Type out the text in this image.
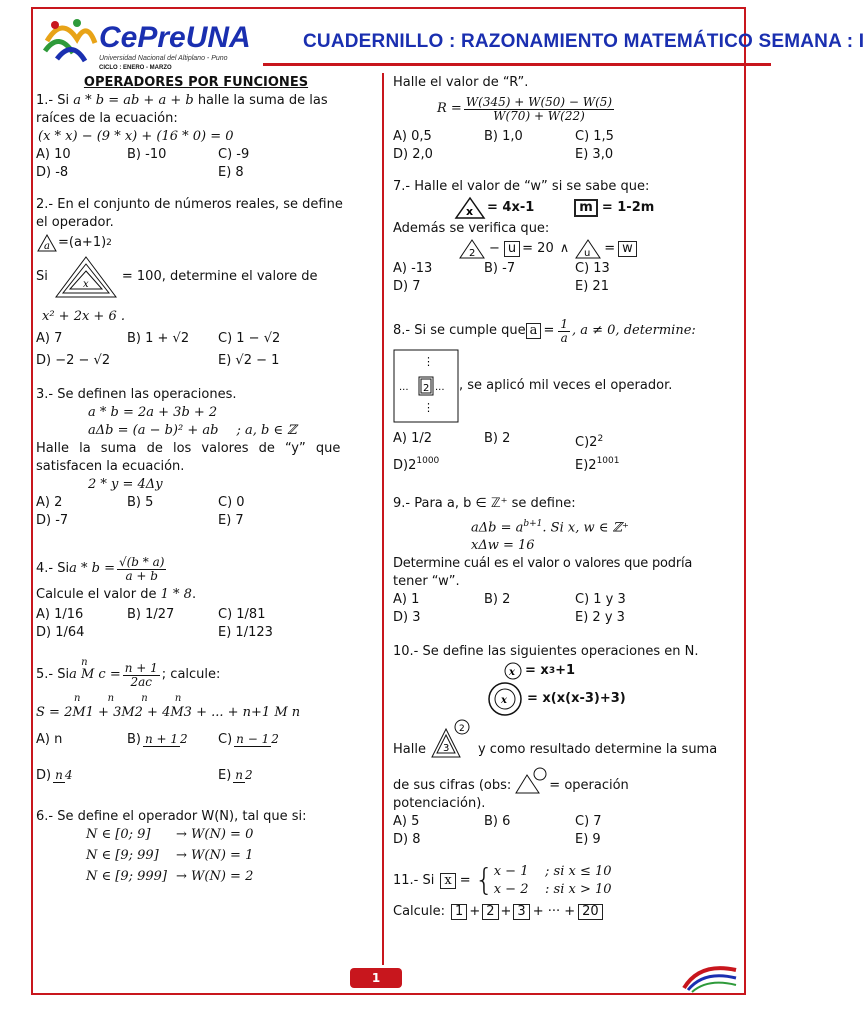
CePreUNA
Universidad Nacional del Altiplano - Puno
CICLO : ENERO - MARZO
CUADERNILLO : RAZONAMIENTO MATEMÁTICO SEMANA : I
OPERADORES POR FUNCIONES
1.- Si a * b = ab + a + b halle la suma de las
raíces de la ecuación:
(x * x) − (9 * x) + (16 * 0) = 0
A) 10	B) -10	C) -9
D) -8	E) 8
2.- En el conjunto de números reales, se define
el operador.
a =(a+1) 2
Si
x
= 100, determine el valore de
x² + 2x + 6 .
A) 7	B) 1 + √2	C) 1 − √2
D) −2 − √2	E) √2 − 1
3.- Se definen las operaciones.
a * b = 2a + 3b + 2
aΔb = (a − b)² + ab ; a, b ∈ ℤ
Halle la suma de los valores de “y” que
satisfacen la ecuación.
2 * y = 4Δy
A) 2	B) 5	C) 0
D) -7	E) 7
4.- Si $a * b = \frac{√(b * a)}{a + b}$
Calcule el valor de 1 * 8.
A) 1/16	B) 1/27	C) 1/81
D) 1/64	E) 1/123
5.- Si
n
a M $c = \frac{n + 1}{2ac}$ ; calcule:
n n n n
S = 2M1 + 3M2 + 4M3 + ... + n+1 M n
A) n	B) n + 1 2 C) n − 1 2
D) n 4	E) n 2
6.- Se define el operador W(N), tal que si:
N ∈ [0; 9]	→ W(N) = 0
N ∈ [9; 99]	→ W(N) = 1
N ∈ [9; 999] → W(N) = 2
Halle el valor de “R”.
$R = \frac{W(345) + W(50) - W(5)}{W(70) + W(22)}$
A) 0,5	B) 1,0	C) 1,5
D) 2,0	E) 3,0
7.- Halle el valor de “w” si se sabe que:
x = 4x-1	m = 1-2m
Además se verifica que:
2 − u = 20 ∧ u = w
A) -13	B) -7	C) 13
D) 7	E) 21
8.- Si se cumple que $a = \frac{1}{a}$ , a ≠ 0, determine:
2
⋮
⋮
...	... , se aplicó mil veces el operador.
A) 1/2	B) 2	$C)2^2$
$D)2^{1000}$	$E)2^{1001}$
9.- Para a, b ∈ ℤ⁺ se define:
$a\Delta b = a^{b+1}$. Si x, w ∈ ℤ⁺
xΔw = 16
Determine cuál es el valor o valores que podría
tener “w”.
A) 1	B) 2	C) 1 y 3
D) 3	E) 2 y 3
10.- Se define las siguientes operaciones en N.
x = x 3 +1
x = x(x(x-3)+3)
Halle 3
2
y como resultado determine la suma
de sus cifras (obs:	= operación
potenciación).
A) 5	B) 6	C) 7
D) 8	E) 9
11.- Si x = { x − 1    ; si x ≤ 10
x − 2    : si x > 10
Calcule: 1 + 2 + 3 + ··· + 20
1
